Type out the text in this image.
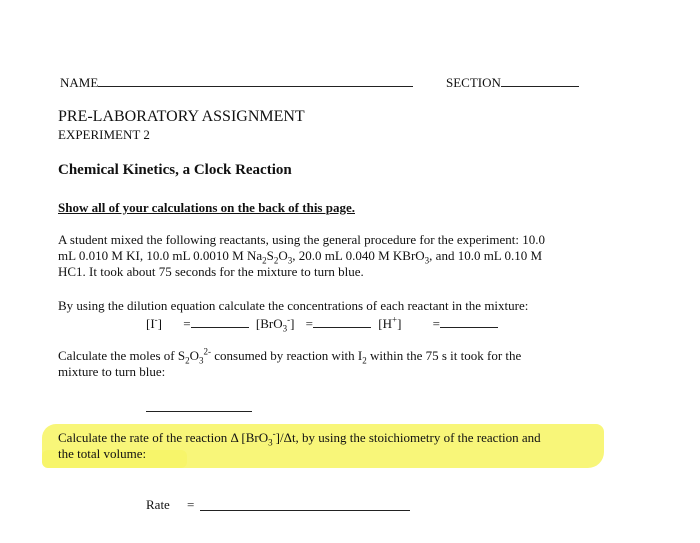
NAME	SECTION
PRE-LABORATORY ASSIGNMENT
EXPERIMENT 2
Chemical Kinetics, a Clock Reaction
Show all of your calculations on the back of this page.
A student mixed the following reactants, using the general procedure for the experiment: 10.0
mL 0.010 M KI, 10.0 mL 0.0010 M $Na_2S_2O_3$, 20.0 mL 0.040 M KBrO$_3$, and 10.0 mL 0.10 M
HC1. It took about 75 seconds for the mixture to turn blue.
By using the dilution equation calculate the concentrations of each reactant in the mixture:
[I-] =	[BrO$_3$-] =	[H+] =
Calculate the moles of $S_2O_3^{2-}$ consumed by reaction with $I_2$ within the 75 s it took for the
mixture to turn blue:
Calculate the rate of the reaction Δ [BrO$_3$-]/Δt, by using the stoichiometry of the reaction and
the total volume:
Rate =
